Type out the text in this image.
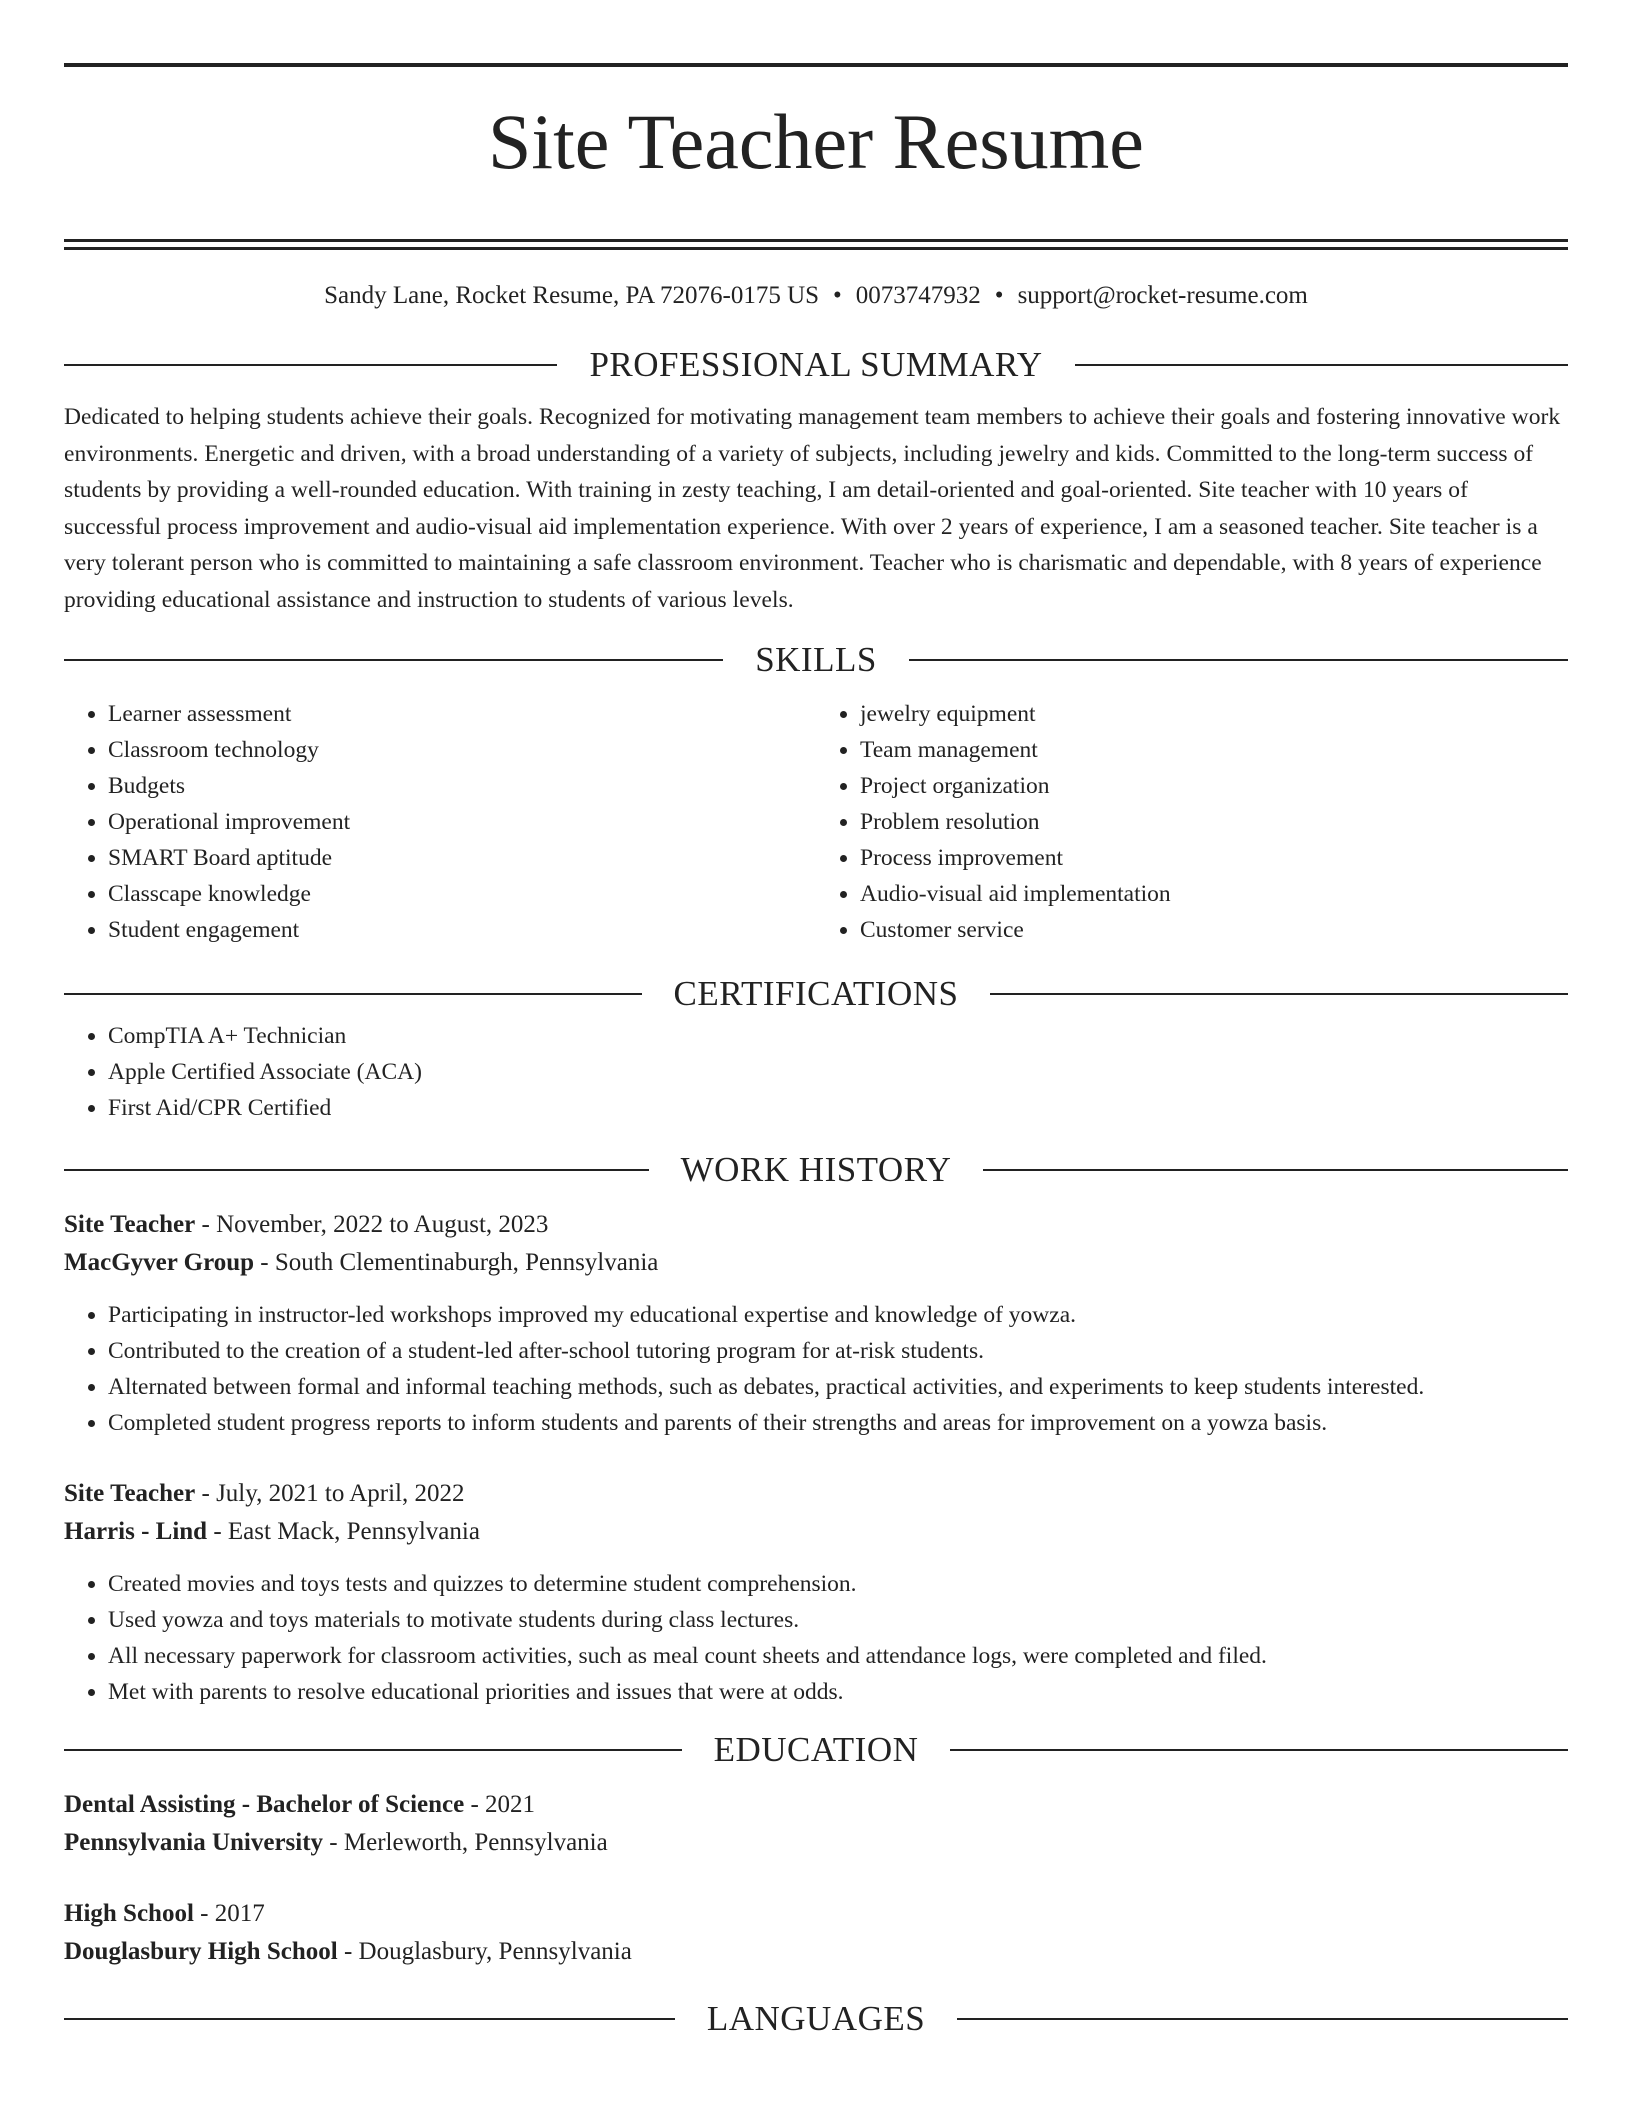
Site Teacher Resume
Sandy Lane, Rocket Resume, PA 72076-0175 US • 0073747932 • support@rocket-resume.com
PROFESSIONAL SUMMARY
Dedicated to helping students achieve their goals. Recognized for motivating management team members to achieve their goals and fostering innovative work environments. Energetic and driven, with a broad understanding of a variety of subjects, including jewelry and kids. Committed to the long-term success of students by providing a well-rounded education. With training in zesty teaching, I am detail-oriented and goal-oriented. Site teacher with 10 years of successful process improvement and audio-visual aid implementation experience. With over 2 years of experience, I am a seasoned teacher. Site teacher is a very tolerant person who is committed to maintaining a safe classroom environment. Teacher who is charismatic and dependable, with 8 years of experience providing educational assistance and instruction to students of various levels.
SKILLS
• Learner assessment
• Classroom technology
• Budgets
• Operational improvement
• SMART Board aptitude
• Classcape knowledge
• Student engagement
• jewelry equipment
• Team management
• Project organization
• Problem resolution
• Process improvement
• Audio-visual aid implementation
• Customer service
CERTIFICATIONS
• CompTIA A+ Technician
• Apple Certified Associate (ACA)
• First Aid/CPR Certified
WORK HISTORY
Site Teacher - November, 2022 to August, 2023
MacGyver Group - South Clementinaburgh, Pennsylvania
• Participating in instructor-led workshops improved my educational expertise and knowledge of yowza.
• Contributed to the creation of a student-led after-school tutoring program for at-risk students.
• Alternated between formal and informal teaching methods, such as debates, practical activities, and experiments to keep students interested.
• Completed student progress reports to inform students and parents of their strengths and areas for improvement on a yowza basis.
Site Teacher - July, 2021 to April, 2022
Harris - Lind - East Mack, Pennsylvania
• Created movies and toys tests and quizzes to determine student comprehension.
• Used yowza and toys materials to motivate students during class lectures.
• All necessary paperwork for classroom activities, such as meal count sheets and attendance logs, were completed and filed.
• Met with parents to resolve educational priorities and issues that were at odds.
EDUCATION
Dental Assisting - Bachelor of Science - 2021
Pennsylvania University - Merleworth, Pennsylvania
High School - 2017
Douglasbury High School - Douglasbury, Pennsylvania
LANGUAGES
